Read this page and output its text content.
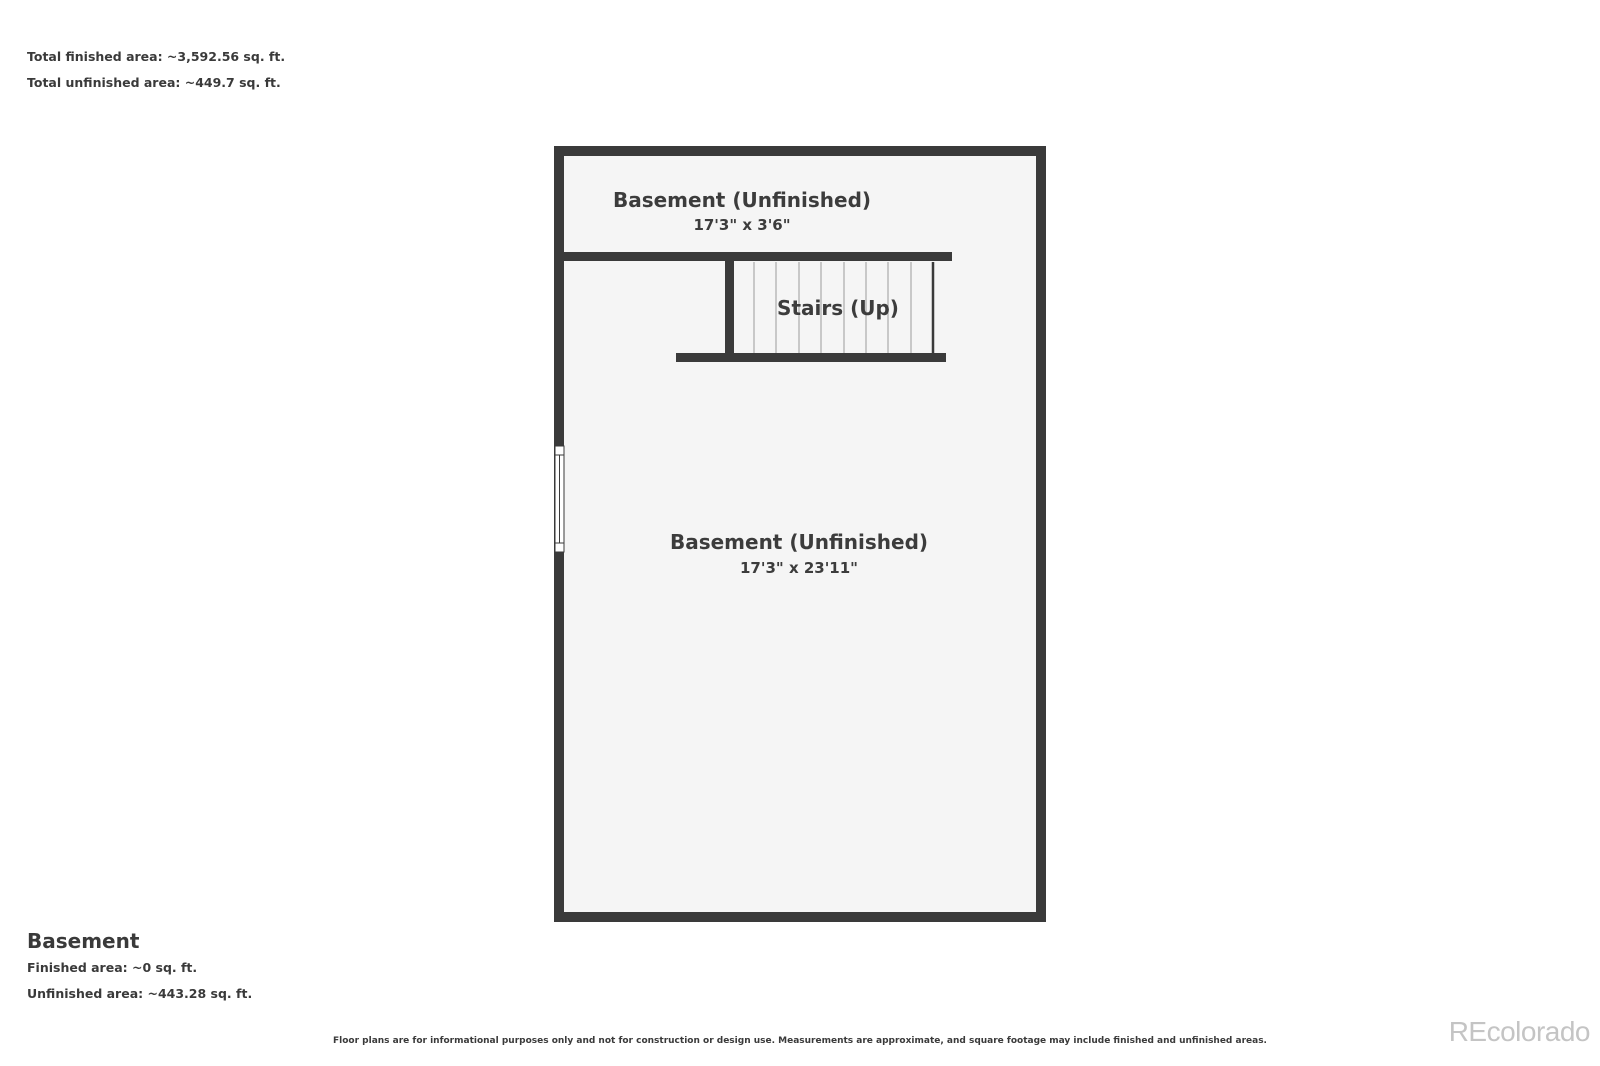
Total finished area: ~3,592.56 sq. ft.
Total unfinished area: ~449.7 sq. ft.
Basement (Unfinished)
17'3" x 3'6"
Stairs (Up)
Basement (Unfinished)
17'3" x 23'11"
Basement
Finished area: ~0 sq. ft.
Unfinished area: ~443.28 sq. ft.
Floor plans are for informational purposes only and not for construction or design use. Measurements are approximate, and square footage may include finished and unfinished areas.	REcolorado
